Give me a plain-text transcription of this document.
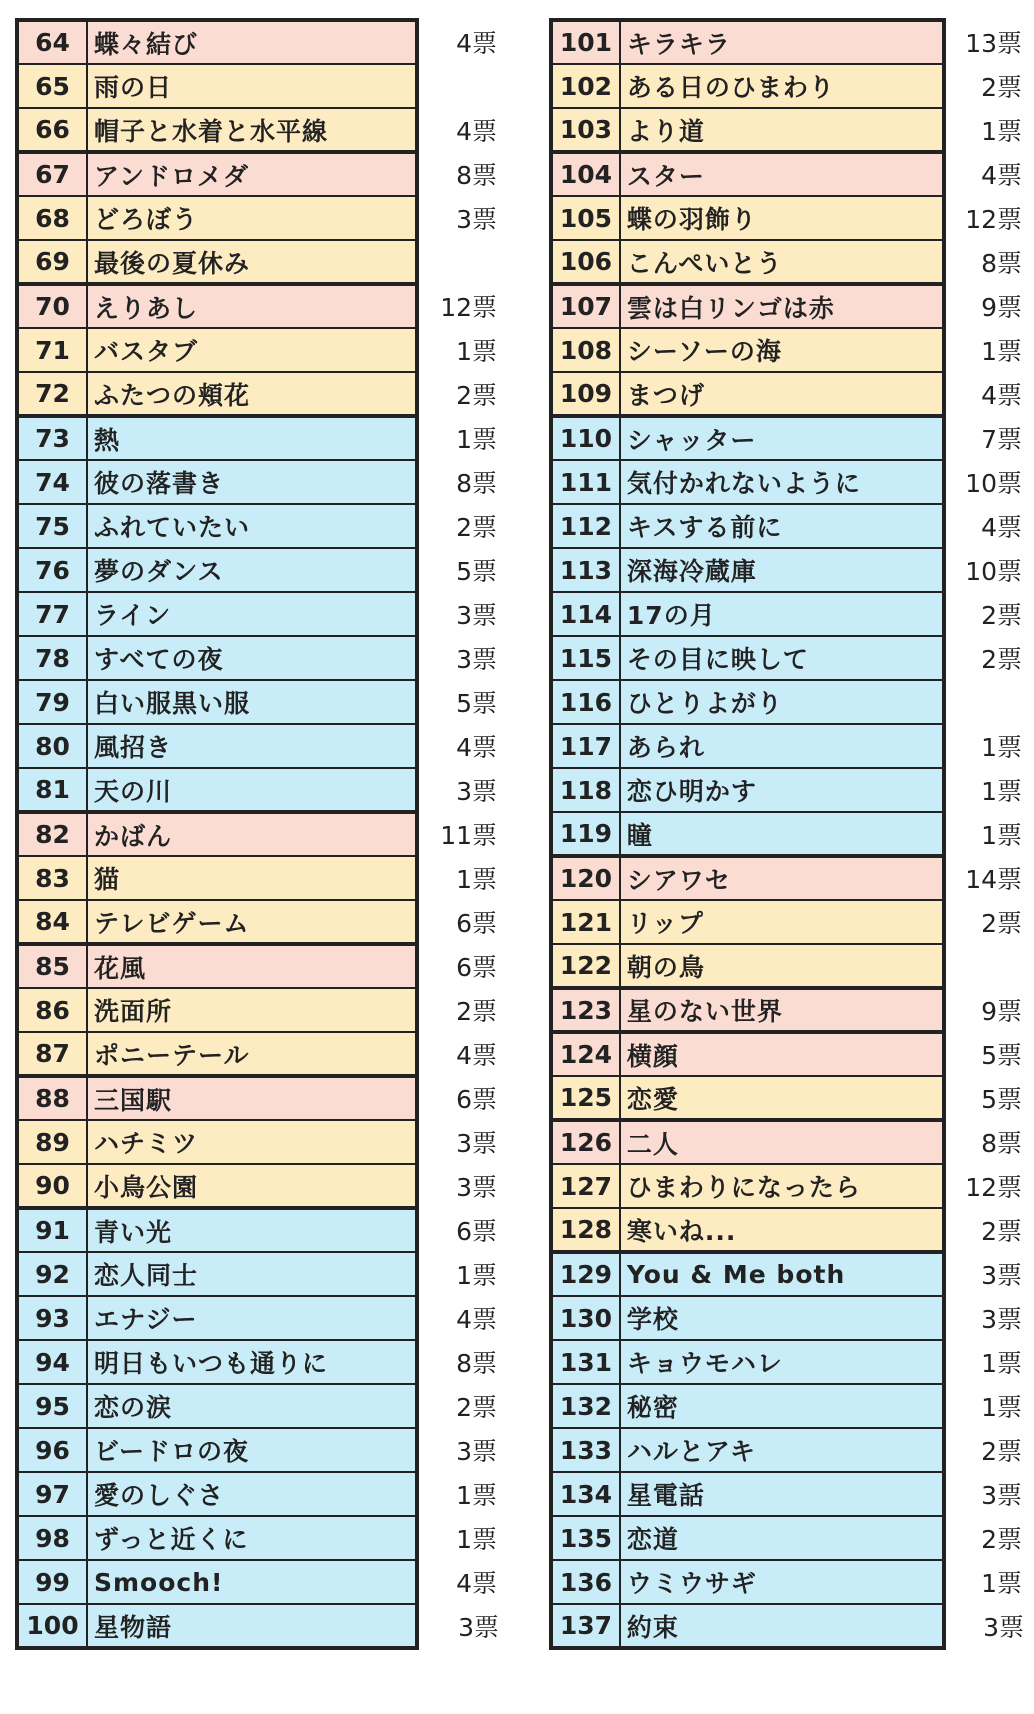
64	蝶々結び	4票
65	雨の日	
66	帽子と水着と水平線	4票
67	アンドロメダ	8票
68	どろぼう	3票
69	最後の夏休み	
70	えりあし	12票
71	バスタブ	1票
72	ふたつの頬花	2票
73	熱	1票
74	彼の落書き	8票
75	ふれていたい	2票
76	夢のダンス	5票
77	ライン	3票
78	すべての夜	3票
79	白い服黒い服	5票
80	風招き	4票
81	天の川	3票
82	かばん	11票
83	猫	1票
84	テレビゲーム	6票
85	花風	6票
86	洗面所	2票
87	ポニーテール	4票
88	三国駅	6票
89	ハチミツ	3票
90	小鳥公園	3票
91	青い光	6票
92	恋人同士	1票
93	エナジー	4票
94	明日もいつも通りに	8票
95	恋の涙	2票
96	ビードロの夜	3票
97	愛のしぐさ	1票
98	ずっと近くに	1票
99	Smooch!	4票
100	星物語	3票
101	キラキラ	13票
102	ある日のひまわり	2票
103	より道	1票
104	スター	4票
105	蝶の羽飾り	12票
106	こんぺいとう	8票
107	雲は白リンゴは赤	9票
108	シーソーの海	1票
109	まつげ	4票
110	シャッター	7票
111	気付かれないように	10票
112	キスする前に	4票
113	深海冷蔵庫	10票
114	17の月	2票
115	その目に映して	2票
116	ひとりよがり	
117	あられ	1票
118	恋ひ明かす	1票
119	瞳	1票
120	シアワセ	14票
121	リップ	2票
122	朝の鳥	
123	星のない世界	9票
124	横顔	5票
125	恋愛	5票
126	二人	8票
127	ひまわりになったら	12票
128	寒いね...	2票
129	You & Me both	3票
130	学校	3票
131	キョウモハレ	1票
132	秘密	1票
133	ハルとアキ	2票
134	星電話	3票
135	恋道	2票
136	ウミウサギ	1票
137	約束	3票
